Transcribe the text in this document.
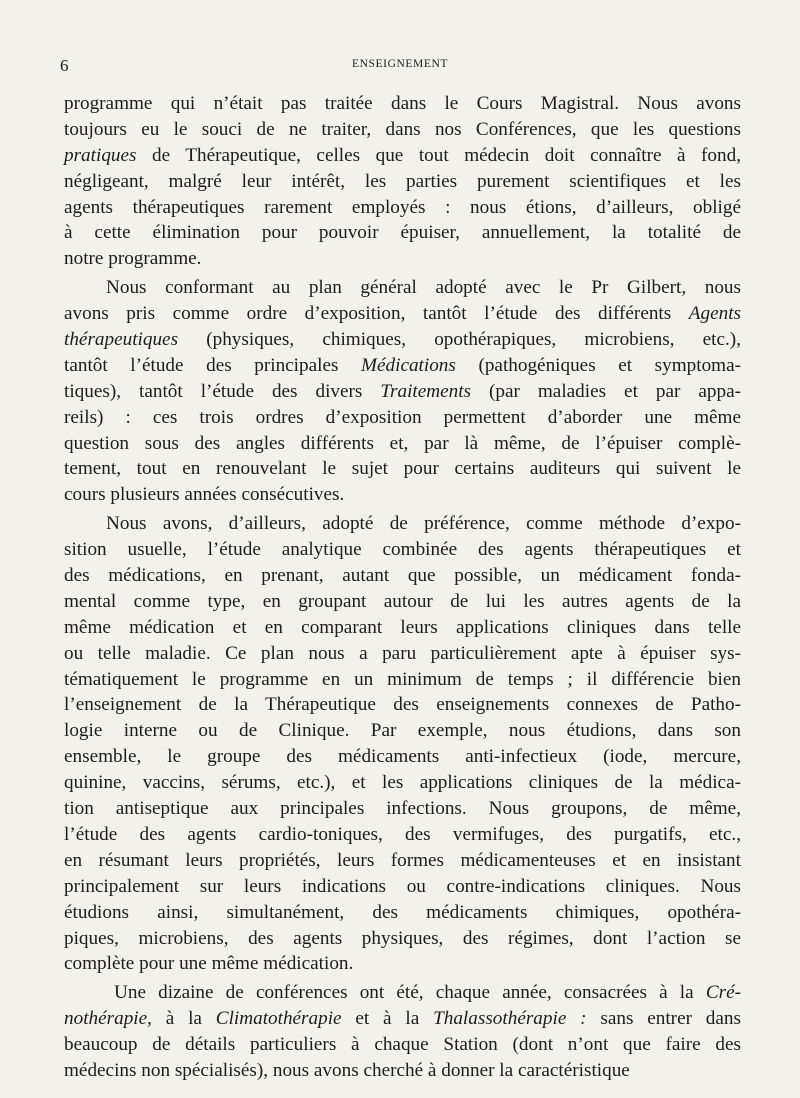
6	ENSEIGNEMENT
programme qui n’était pas traitée dans le Cours Magistral. Nous avons
toujours eu le souci de ne traiter, dans nos Conférences, que les questions
pratiques de Thérapeutique, celles que tout médecin doit connaître à fond,
négligeant, malgré leur intérêt, les parties purement scientifiques et les
agents thérapeutiques rarement employés : nous étions, d’ailleurs, obligé
à cette élimination pour pouvoir épuiser, annuellement, la totalité de
notre programme.
Nous conformant au plan général adopté avec le Pr Gilbert, nous
avons pris comme ordre d’exposition, tantôt l’étude des différents Agents
thérapeutiques (physiques, chimiques, opothérapiques, microbiens, etc.),
tantôt l’étude des principales Médications (pathogéniques et symptoma-
tiques), tantôt l’étude des divers Traitements (par maladies et par appa-
reils) : ces trois ordres d’exposition permettent d’aborder une même
question sous des angles différents et, par là même, de l’épuiser complè-
tement, tout en renouvelant le sujet pour certains auditeurs qui suivent le
cours plusieurs années consécutives.
Nous avons, d’ailleurs, adopté de préférence, comme méthode d’expo-
sition usuelle, l’étude analytique combinée des agents thérapeutiques et
des médications, en prenant, autant que possible, un médicament fonda-
mental comme type, en groupant autour de lui les autres agents de la
même médication et en comparant leurs applications cliniques dans telle
ou telle maladie. Ce plan nous a paru particulièrement apte à épuiser sys-
tématiquement le programme en un minimum de temps ; il différencie bien
l’enseignement de la Thérapeutique des enseignements connexes de Patho-
logie interne ou de Clinique. Par exemple, nous étudions, dans son
ensemble, le groupe des médicaments anti-infectieux (iode, mercure,
quinine, vaccins, sérums, etc.), et les applications cliniques de la médica-
tion antiseptique aux principales infections. Nous groupons, de même,
l’étude des agents cardio-toniques, des vermifuges, des purgatifs, etc.,
en résumant leurs propriétés, leurs formes médicamenteuses et en insistant
principalement sur leurs indications ou contre-indications cliniques. Nous
étudions ainsi, simultanément, des médicaments chimiques, opothéra-
piques, microbiens, des agents physiques, des régimes, dont l’action se
complète pour une même médication.
Une dizaine de conférences ont été, chaque année, consacrées à la Cré-
nothérapie, à la Climatothérapie et à la Thalassothérapie : sans entrer dans
beaucoup de détails particuliers à chaque Station (dont n’ont que faire des
médecins non spécialisés), nous avons cherché à donner la caractéristique
